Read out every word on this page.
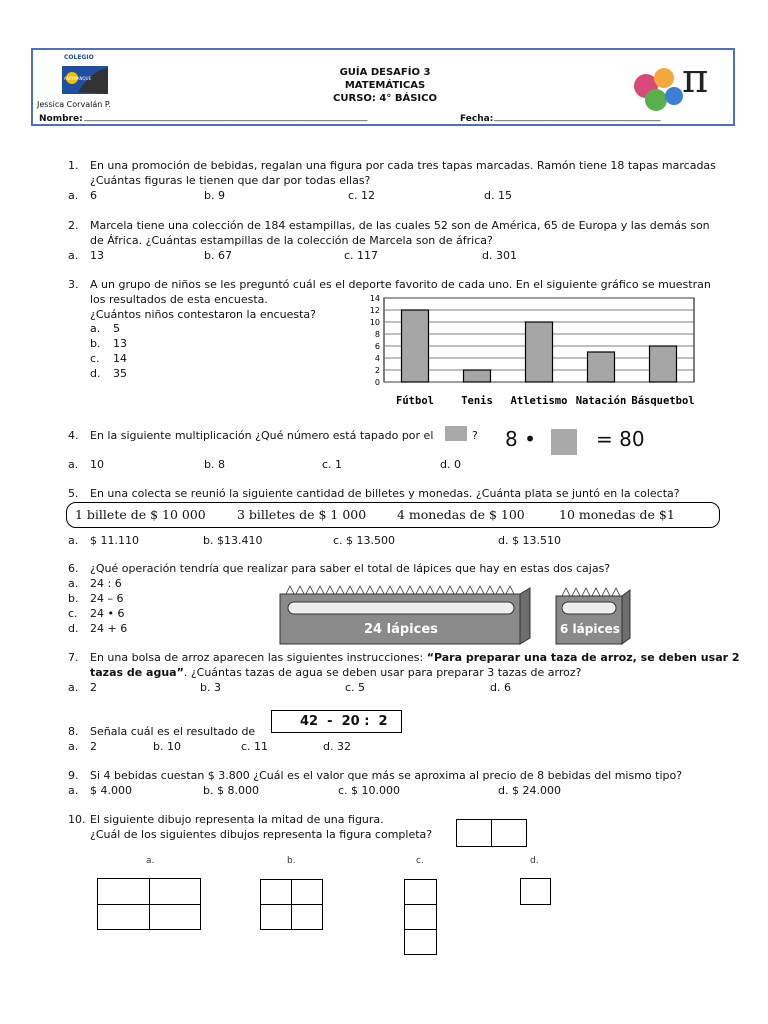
COLEGIO
ANTIMANQUE
Jessica Corvalán P.
GUÍA DESAFÍO 3
MATEMÁTICAS
CURSO: 4° BÁSICO	π
Nombre: _______________________________________________________________	Fecha: _____________________________________
1. En una promoción de bebidas, regalan una figura por cada tres tapas marcadas. Ramón tiene 18 tapas marcadas
¿Cuántas figuras le tienen que dar por todas ellas?
a. 6	b. 9	c. 12	d. 15
2. Marcela tiene una colección de 184 estampillas, de las cuales 52 son de América, 65 de Europa y las demás son
de África. ¿Cuántas estampillas de la colección de Marcela son de áfrica?
a. 13	b. 67	c. 117	d. 301
3. A un grupo de niños se les preguntó cuál es el deporte favorito de cada uno. En el siguiente gráfico se muestran
los resultados de esta encuesta.
¿Cuántos niños contestaron la encuesta?
a. 5
b. 13
c. 14
d. 35
0
2
4
6
8
10
12
14
Fútbol	Tenis Atletismo Natación Básquetbol
4. En la siguiente multiplicación ¿Qué número está tapado por el	? 8 •	= 80
a. 10	b. 8	c. 1	d. 0
5. En una colecta se reunió la siguiente cantidad de billetes y monedas. ¿Cuánta plata se juntó en la colecta?
1 billete de $ 10 000	3 billetes de $ 1 000 4 monedas de $ 100	10 monedas de $1
a. $ 11.110	b. $13.410	c. $ 13.500	d. $ 13.510
6. ¿Qué operación tendría que realizar para saber el total de lápices que hay en estas dos cajas?
a. 24 : 6
b. 24 – 6
c. 24 • 6
d. 24 + 6	24 lápices	6 lápices
7. En una bolsa de arroz aparecen las siguientes instrucciones: “Para preparar una taza de arroz, se deben usar 2
tazas de agua”. ¿Cuántas tazas de agua se deben usar para preparar 3 tazas de arroz?
a. 2	b. 3	c. 5	d. 6
42  -  20 :  2
8. Señala cuál es el resultado de
a. 2	b. 10	c. 11	d. 32
9. Si 4 bebidas cuestan $ 3.800 ¿Cuál es el valor que más se aproxima al precio de 8 bebidas del mismo tipo?
a. $ 4.000	b. $ 8.000	c. $ 10.000	d. $ 24.000
10. El siguiente dibujo representa la mitad de una figura.
¿Cuál de los siguientes dibujos representa la figura completa?
a.	b.	c.	d.
